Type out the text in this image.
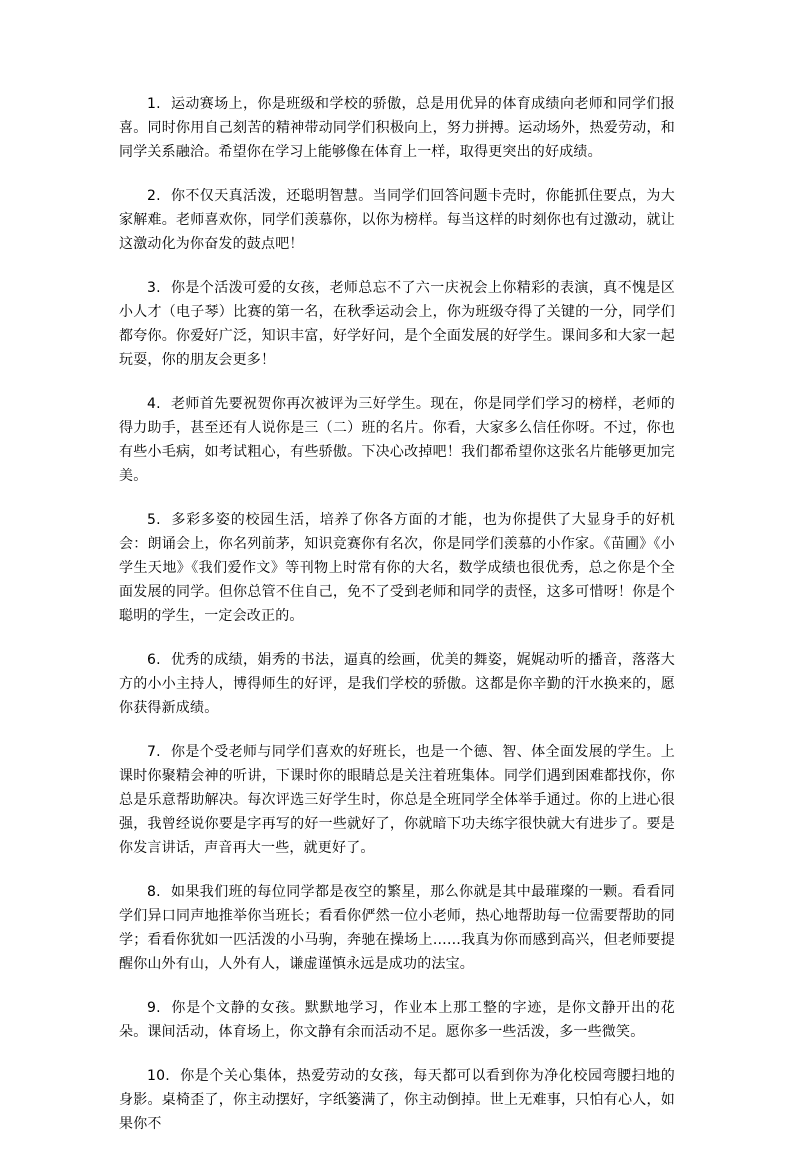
1. 运动赛场上，你是班级和学校的骄傲，总是用优异的体育成绩向老师和同学们报喜。同时你用自己刻苦的精神带动同学们积极向上，努力拼搏。运动场外，热爱劳动，和同学关系融洽。希望你在学习上能够像在体育上一样，取得更突出的好成绩。

2. 你不仅天真活泼，还聪明智慧。当同学们回答问题卡壳时，你能抓住要点，为大家解难。老师喜欢你，同学们羡慕你，以你为榜样。每当这样的时刻你也有过激动，就让这激动化为你奋发的鼓点吧！

3. 你是个活泼可爱的女孩，老师总忘不了六一庆祝会上你精彩的表演，真不愧是区小人才（电子琴）比赛的第一名，在秋季运动会上，你为班级夺得了关键的一分，同学们都夸你。你爱好广泛，知识丰富，好学好问，是个全面发展的好学生。课间多和大家一起玩耍，你的朋友会更多！

4. 老师首先要祝贺你再次被评为三好学生。现在，你是同学们学习的榜样，老师的得力助手，甚至还有人说你是三（二）班的名片。你看，大家多么信任你呀。不过，你也有些小毛病，如考试粗心，有些骄傲。下决心改掉吧！我们都希望你这张名片能够更加完美。

5. 多彩多姿的校园生活，培养了你各方面的才能，也为你提供了大显身手的好机会：朗诵会上，你名列前茅，知识竞赛你有名次，你是同学们羡慕的小作家。《苗圃》《小学生天地》《我们爱作文》等刊物上时常有你的大名，数学成绩也很优秀，总之你是个全面发展的同学。但你总管不住自己，免不了受到老师和同学的责怪，这多可惜呀！你是个聪明的学生，一定会改正的。

6. 优秀的成绩，娟秀的书法，逼真的绘画，优美的舞姿，娓娓动听的播音，落落大方的小小主持人，博得师生的好评，是我们学校的骄傲。这都是你辛勤的汗水换来的，愿你获得新成绩。

7. 你是个受老师与同学们喜欢的好班长，也是一个德、智、体全面发展的学生。上课时你聚精会神的听讲，下课时你的眼睛总是关注着班集体。同学们遇到困难都找你，你总是乐意帮助解决。每次评选三好学生时，你总是全班同学全体举手通过。你的上进心很强，我曾经说你要是字再写的好一些就好了，你就暗下功夫练字很快就大有进步了。要是你发言讲话，声音再大一些，就更好了。

8. 如果我们班的每位同学都是夜空的繁星，那么你就是其中最璀璨的一颗。看看同学们异口同声地推举你当班长；看看你俨然一位小老师，热心地帮助每一位需要帮助的同学；看看你犹如一匹活泼的小马驹，奔驰在操场上……我真为你而感到高兴，但老师要提醒你山外有山，人外有人，谦虚谨慎永远是成功的法宝。

9. 你是个文静的女孩。默默地学习，作业本上那工整的字迹，是你文静开出的花朵。课间活动，体育场上，你文静有余而活动不足。愿你多一些活泼，多一些微笑。

10. 你是个关心集体，热爱劳动的女孩，每天都可以看到你为净化校园弯腰扫地的身影。桌椅歪了，你主动摆好，字纸篓满了，你主动倒掉。世上无难事，只怕有心人，如果你不
